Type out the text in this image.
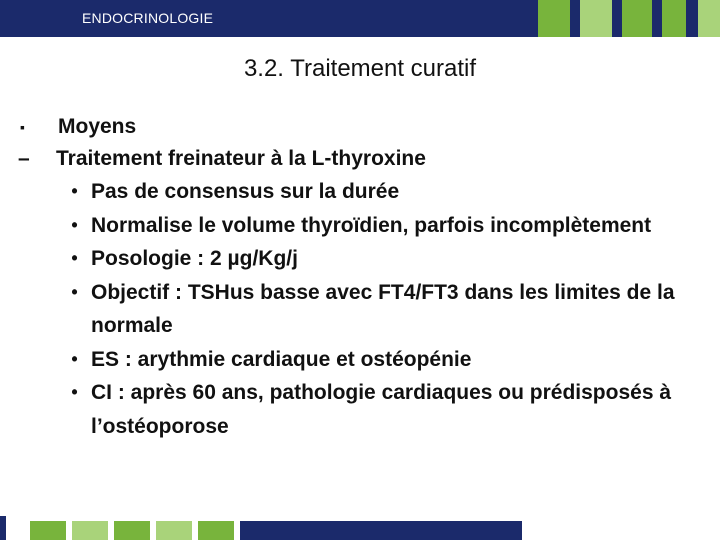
ENDOCRINOLOGIE
3.2. Traitement curatif
▪	Moyens
–	Traitement freinateur à la L-thyroxine
• Pas de consensus sur la durée
• Normalise le volume thyroïdien, parfois incomplètement
• Posologie : 2 µg/Kg/j
• Objectif : TSHus basse avec FT4/FT3 dans les limites de la normale
• ES : arythmie cardiaque et ostéopénie
• CI : après 60 ans, pathologie cardiaques ou prédisposés à l’ostéoporose
